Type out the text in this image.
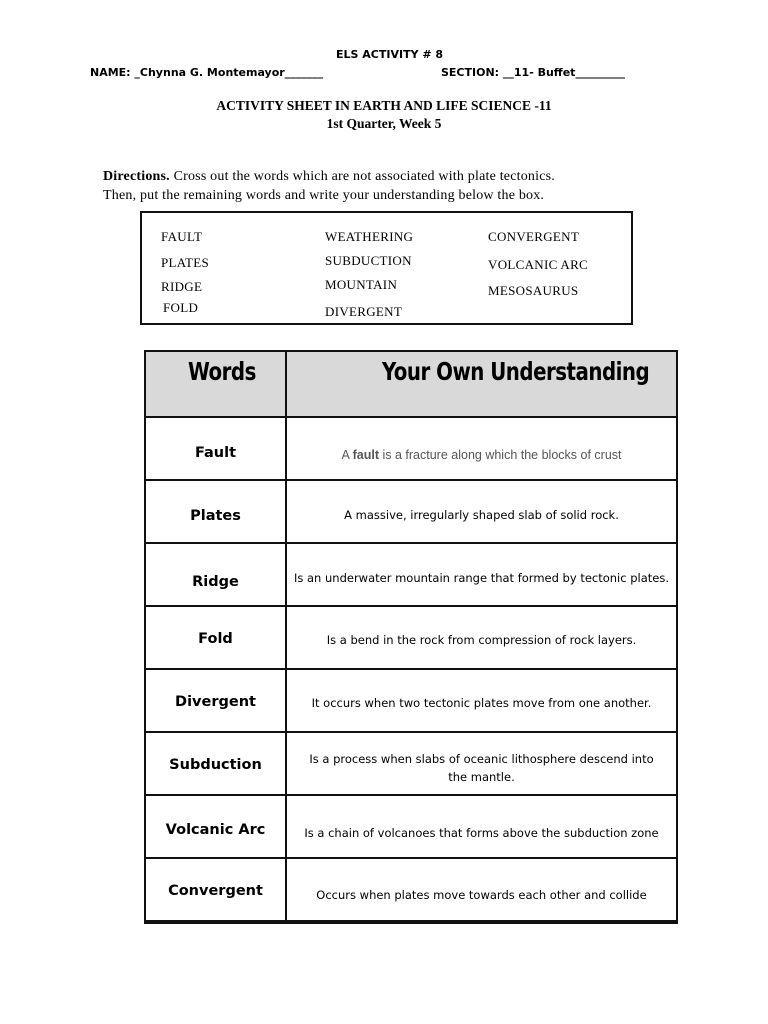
ELS ACTIVITY # 8
NAME: _Chynna G. Montemayor_______	SECTION: __11- Buffet_________
ACTIVITY SHEET IN EARTH AND LIFE SCIENCE -11
1st Quarter, Week 5
Directions. Cross out the words which are not associated with plate tectonics.
Then, put the remaining words and write your understanding below the box.
FAULT
PLATES
RIDGE
FOLD
WEATHERING
SUBDUCTION
MOUNTAIN
DIVERGENT
CONVERGENT
VOLCANIC ARC
MESOSAURUS
Words	Your Own Understanding
Fault	A fault is a fracture along which the blocks of crust
Plates	A massive, irregularly shaped slab of solid rock.
Ridge	Is an underwater mountain range that formed by tectonic plates.
Fold	Is a bend in the rock from compression of rock layers.
Divergent	It occurs when two tectonic plates move from one another.
Subduction	Is a process when slabs of oceanic lithosphere descend into
the mantle.
Volcanic Arc	Is a chain of volcanoes that forms above the subduction zone
Convergent	Occurs when plates move towards each other and collide
